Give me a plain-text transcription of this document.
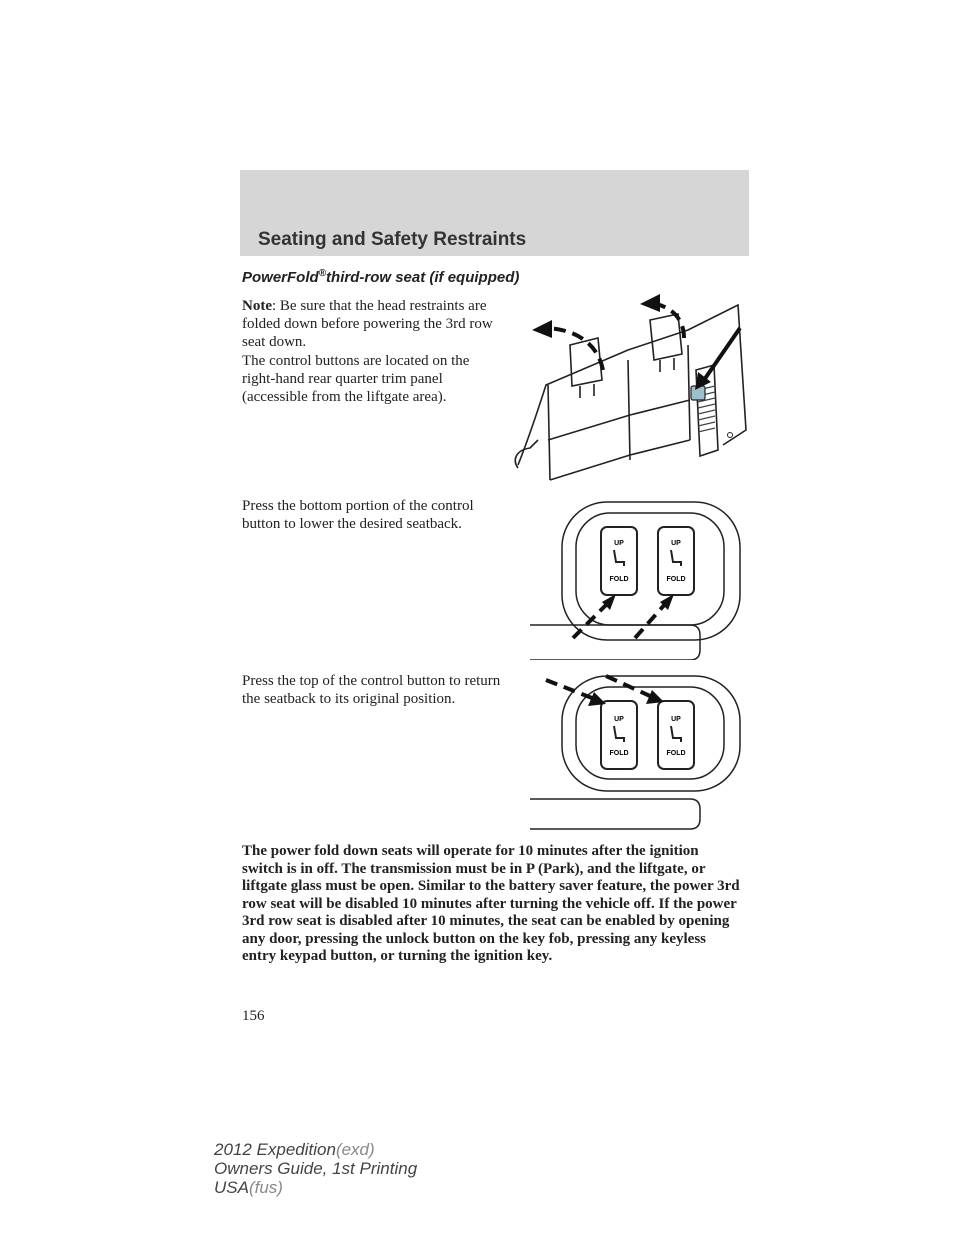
Seating and Safety Restraints
PowerFold®third-row seat (if equipped)

Note: Be sure that the head restraints are folded down before powering the 3rd row seat down.

The control buttons are located on the right-hand rear quarter trim panel (accessible from the liftgate area).

Press the bottom portion of the control button to lower the desired seatback.

Press the top of the control button to return the seatback to its original position.

UP
FOLD
UP
FOLD
UP
FOLD
UP
FOLD

The power fold down seats will operate for 10 minutes after the ignition switch is in off. The transmission must be in P (Park), and the liftgate, or liftgate glass must be open. Similar to the battery saver feature, the power 3rd row seat will be disabled 10 minutes after turning the vehicle off. If the power 3rd row seat is disabled after 10 minutes, the seat can be enabled by opening any door, pressing the unlock button on the key fob, pressing any keyless entry keypad button, or turning the ignition key.

156
2012 Expedition(exd)
Owners Guide, 1st Printing
USA(fus)
